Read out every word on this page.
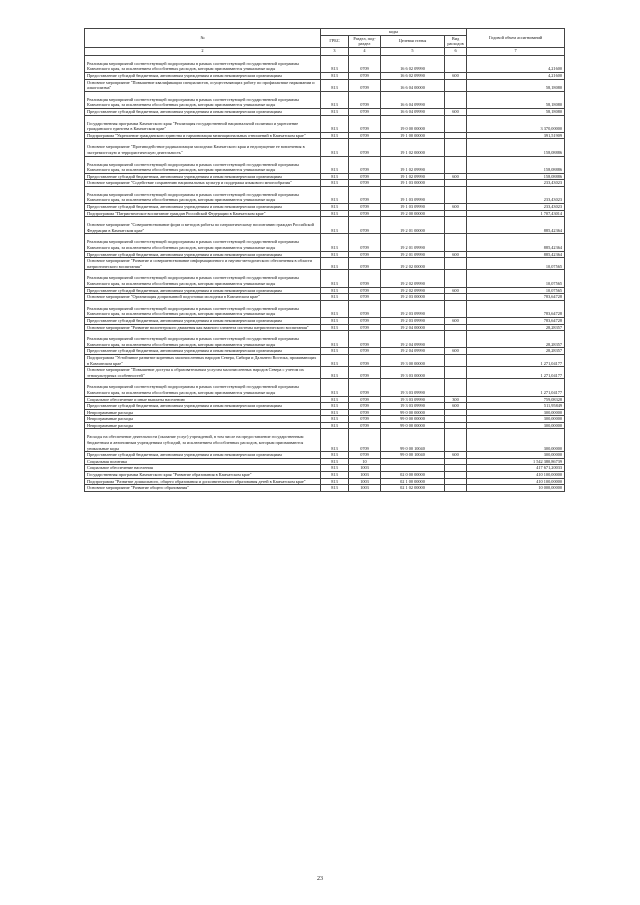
№	коды				Годовой объем ассигнований
	ГРБС	Раздел, под-раздел	Целевая статья	Вид расходов	
2	3	4	5	6	7
Реализация мероприятий соответствующей подпрограммы в рамках соответствующей государственной программы Камчатского края, за исключением обособленных расходов, которым присваиваются уникальные коды	813	0709	16 6 02 09990		4,21600
Предоставление субсидий бюджетным, автономным учреждениям и иным некоммерческим организациям	813	0709	16 6 02 09990	600	4,21600
Основное мероприятие "Повышение квалификации специалистов, осуществляющих работу по профилактике наркомании и алкоголизма"	813	0709	16 6 04 00000		58,18080
Реализация мероприятий соответствующей подпрограммы в рамках соответствующей государственной программы Камчатского края, за исключением обособленных расходов, которым присваиваются уникальные коды	813	0709	16 6 04 09990		58,18080
Предоставление субсидий бюджетным, автономным учреждениям и иным некоммерческим организациям	813	0709	16 6 04 09990	600	58,18080
Государственная программа Камчатского края "Реализация государственной национальной политики и укрепление гражданского единства в Камчатском крае"	813	0709	19 0 00 00000		3 370,00000
Подпрограмма "Укрепление гражданского единства и гармонизация межнациональных отношений в Камчатском крае"	813	0709	19 1 00 00000		391,51909
Основное мероприятие "Противодействие радикализации молодежи Камчатского края и недопущение ее вовлечения в экстремистскую и террористическую деятельность"	813	0709	19 1 02 00000		158,08886
Реализация мероприятий соответствующей подпрограммы в рамках соответствующей государственной программы Камчатского края, за исключением обособленных расходов, которым присваиваются уникальные коды	813	0709	19 1 02 09990		158,08886
Предоставление субсидий бюджетным, автономным учреждениям и иным некоммерческим организациям	813	0709	19 1 02 09990	600	158,08886
Основное мероприятие "Содействие сохранению национальных культур и поддержка языкового многообразия"	813	0709	19 1 03 00000		233,43023
Реализация мероприятий соответствующей подпрограммы в рамках соответствующей государственной программы Камчатского края, за исключением обособленных расходов, которым присваиваются уникальные коды	813	0709	19 1 03 09990		233,43023
Предоставление субсидий бюджетным, автономным учреждениям и иным некоммерческим организациям	813	0709	19 1 03 09990	600	233,43023
Подпрограмма "Патриотическое воспитание граждан Российской Федерации в Камчатском крае"	813	0709	19 2 00 00000		1 707,43014
Основное мероприятие "Совершенствование форм и методов работы по патриотическому воспитанию граждан Российской Федерации в Камчатском крае"	813	0709	19 2 01 00000		885,42364
Реализация мероприятий соответствующей подпрограммы в рамках соответствующей государственной программы Камчатского края, за исключением обособленных расходов, которым присваиваются уникальные коды	813	0709	19 2 01 09990		885,42364
Предоставление субсидий бюджетным, автономным учреждениям и иным некоммерческим организациям	813	0709	19 2 01 09990	600	885,42364
Основное мероприятие "Развитие и совершенствование информационного и научно-методического обеспечения в области патриотического воспитания"	813	0709	19 2 02 00000		10,07565
Реализация мероприятий соответствующей подпрограммы в рамках соответствующей государственной программы Камчатского края, за исключением обособленных расходов, которым присваиваются уникальные коды	813	0709	19 2 02 09990		10,07565
Предоставление субсидий бюджетным, автономным учреждениям и иным некоммерческим организациям	813	0709	19 2 02 09990	600	10,07565
Основное мероприятие "Организация допризывной подготовки молодежи в Камчатском крае"	813	0709	19 2 03 00000		783,64728
Реализация мероприятий соответствующей подпрограммы в рамках соответствующей государственной программы Камчатского края, за исключением обособленных расходов, которым присваиваются уникальные коды	813	0709	19 2 03 09990		783,64728
Предоставление субсидий бюджетным, автономным учреждениям и иным некоммерческим организациям	813	0709	19 2 03 09990	600	783,64728
Основное мероприятие "Развитие волонтерского движения как важного элемента системы патриотического воспитания"	813	0709	19 2 04 00000		28,28357
Реализация мероприятий соответствующей подпрограммы в рамках соответствующей государственной программы Камчатского края, за исключением обособленных расходов, которым присваиваются уникальные коды	813	0709	19 2 04 09990		28,28357
Предоставление субсидий бюджетным, автономным учреждениям и иным некоммерческим организациям	813	0709	19 2 04 09990	600	28,28357
Подпрограмма "Устойчивое развитие коренных малочисленных народов Севера, Сибири и Дальнего Востока, проживающих в Камчатском крае"	813	0709	19 3 00 00000		1 271,04177
Основное мероприятие "Повышение доступа к образовательным услугам малочисленных народов Севера с учетом их этнокультурных особенностей"	813	0709	19 3 03 00000		1 271,04177
Реализация мероприятий соответствующей подпрограммы в рамках соответствующей государственной программы Камчатского края, за исключением обособленных расходов, которым присваиваются уникальные коды	813	0709	19 3 03 09990		1 271,04177
Социальное обеспечение и иные выплаты населению	813	0709	19 3 03 09990	300	759,08328
Предоставление субсидий бюджетным, автономным учреждениям и иным некоммерческим организациям	813	0709	19 3 03 09990	600	511,95849
Непрограммные расходы	813	0709	99 0 00 00000		300,00000
Непрограммные расходы	813	0709	99 0 00 00000		300,00000
Непрограммные расходы	813	0709	99 0 00 00000		300,00000
Расходы на обеспечение деятельности (оказание услуг) учреждений, в том числе на предоставление государственным бюджетным и автономным учреждениям субсидий, за исключением обособленных расходов, которым присваиваются уникальные коды	813	0709	99 0 00 10040		300,00000
Предоставление субсидий бюджетным, автономным учреждениям и иным некоммерческим организациям	813	0709	99 0 00 10040	600	300,00000
Социальная политика	813	10			1 542 380,86739
Социальное обеспечение населения	813	1003			417 671,20033
Государственная программа Камчатского края "Развитие образования в Камчатском крае"	813	1003	02 0 00 00000		410 100,00000
Подпрограмма "Развитие дошкольного, общего образования и дополнительного образования детей в Камчатском крае"	813	1003	02 1 00 00000		410 100,00000
Основное мероприятие "Развитие общего образования"	813	1003	02 1 02 00000		10 000,00000
23
